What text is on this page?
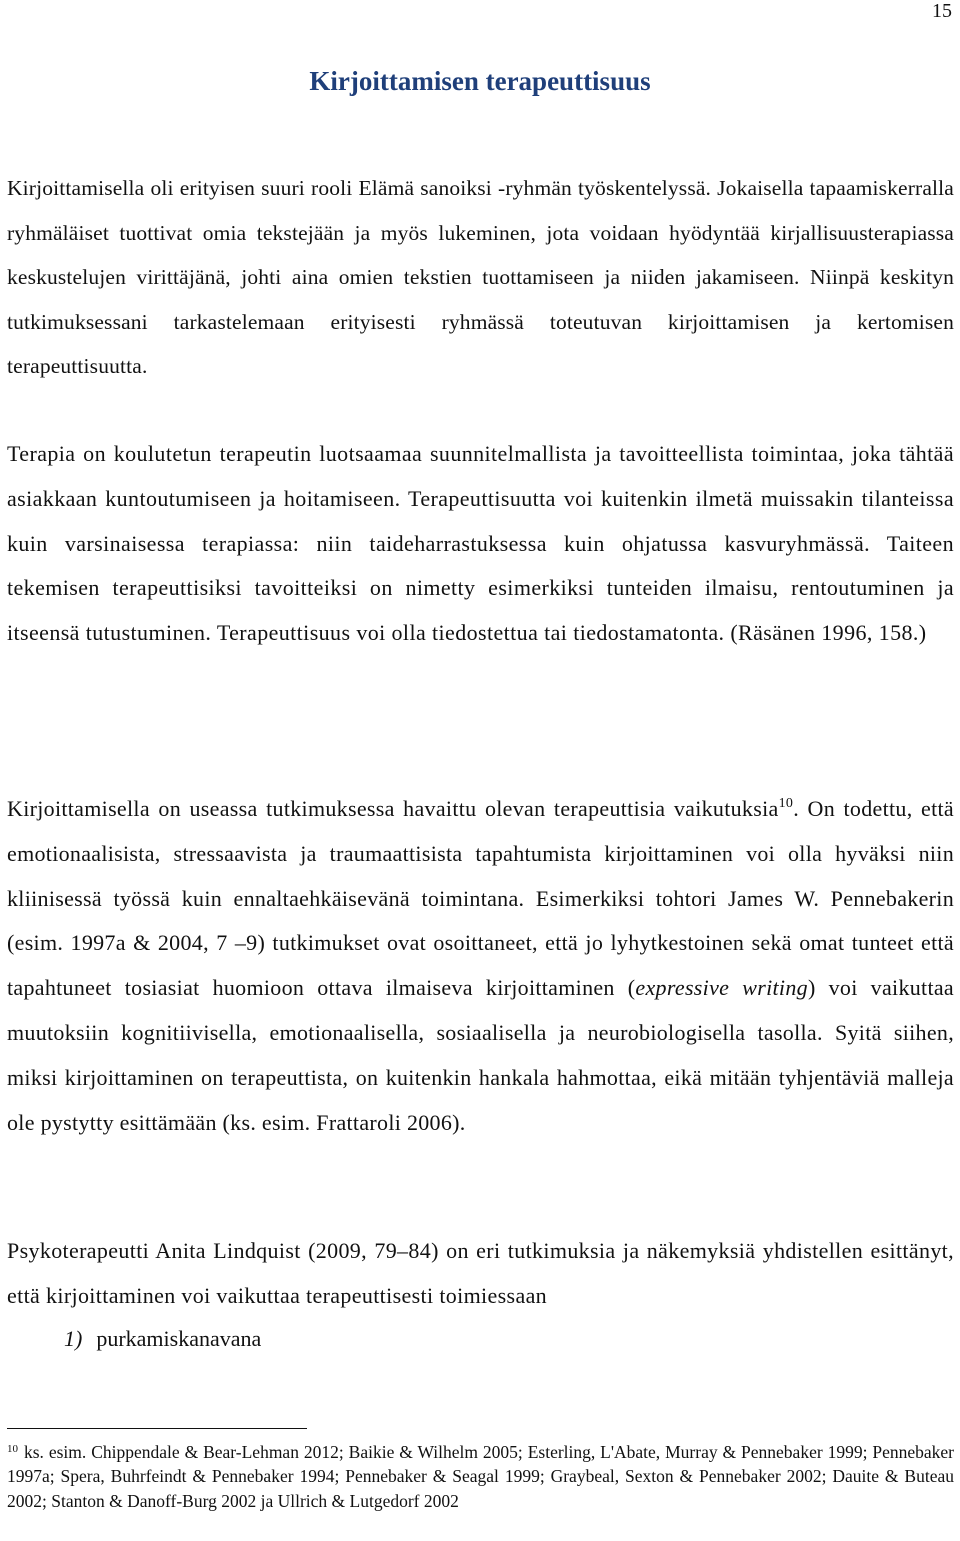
15
Kirjoittamisen terapeuttisuus

Kirjoittamisella oli erityisen suuri rooli Elämä sanoiksi -ryhmän työskentelyssä. Jokaisella tapaamiskerralla ryhmäläiset tuottivat omia tekstejään ja myös lukeminen, jota voidaan hyödyntää kirjallisuusterapiassa keskustelujen virittäjänä, johti aina omien tekstien tuottamiseen ja niiden jakamiseen. Niinpä keskityn tutkimuksessani tarkastelemaan erityisesti ryhmässä toteutuvan kirjoittamisen ja kertomisen terapeuttisuutta.

Terapia on koulutetun terapeutin luotsaamaa suunnitelmallista ja tavoitteellista toimintaa, joka tähtää asiakkaan kuntoutumiseen ja hoitamiseen. Terapeuttisuutta voi kuitenkin ilmetä muissakin tilanteissa kuin varsinaisessa terapiassa: niin taideharrastuksessa kuin ohjatussa kasvuryhmässä. Taiteen tekemisen terapeuttisiksi tavoitteiksi on nimetty esimerkiksi tunteiden ilmaisu, rentoutuminen ja itseensä tutustuminen. Terapeuttisuus voi olla tiedostettua tai tiedostamatonta. (Räsänen 1996, 158.)

Kirjoittamisella on useassa tutkimuksessa havaittu olevan terapeuttisia vaikutuksia$^{10}$. On todettu, että emotionaalisista, stressaavista ja traumaattisista tapahtumista kirjoittaminen voi olla hyväksi niin kliinisessä työssä kuin ennaltaehkäisevänä toimintana. Esimerkiksi tohtori James W. Pennebakerin (esim. 1997a & 2004, 7 –9) tutkimukset ovat osoittaneet, että jo lyhytkestoinen sekä omat tunteet että tapahtuneet tosiasiat huomioon ottava ilmaiseva kirjoittaminen (expressive writing) voi vaikuttaa muutoksiin kognitiivisella, emotionaalisella, sosiaalisella ja neurobiologisella tasolla. Syitä siihen, miksi kirjoittaminen on terapeuttista, on kuitenkin hankala hahmottaa, eikä mitään tyhjentäviä malleja ole pystytty esittämään (ks. esim. Frattaroli 2006).

Psykoterapeutti Anita Lindquist (2009, 79–84) on eri tutkimuksia ja näkemyksiä yhdistellen esittänyt, että kirjoittaminen voi vaikuttaa terapeuttisesti toimiessaan

1) purkamiskanavana

$^{10}$ ks. esim. Chippendale & Bear-Lehman 2012; Baikie & Wilhelm 2005; Esterling, L'Abate, Murray & Pennebaker 1999; Pennebaker 1997a; Spera, Buhrfeindt & Pennebaker 1994; Pennebaker & Seagal 1999; Graybeal, Sexton & Pennebaker 2002; Dauite & Buteau 2002; Stanton & Danoff-Burg 2002 ja Ullrich & Lutgedorf 2002
